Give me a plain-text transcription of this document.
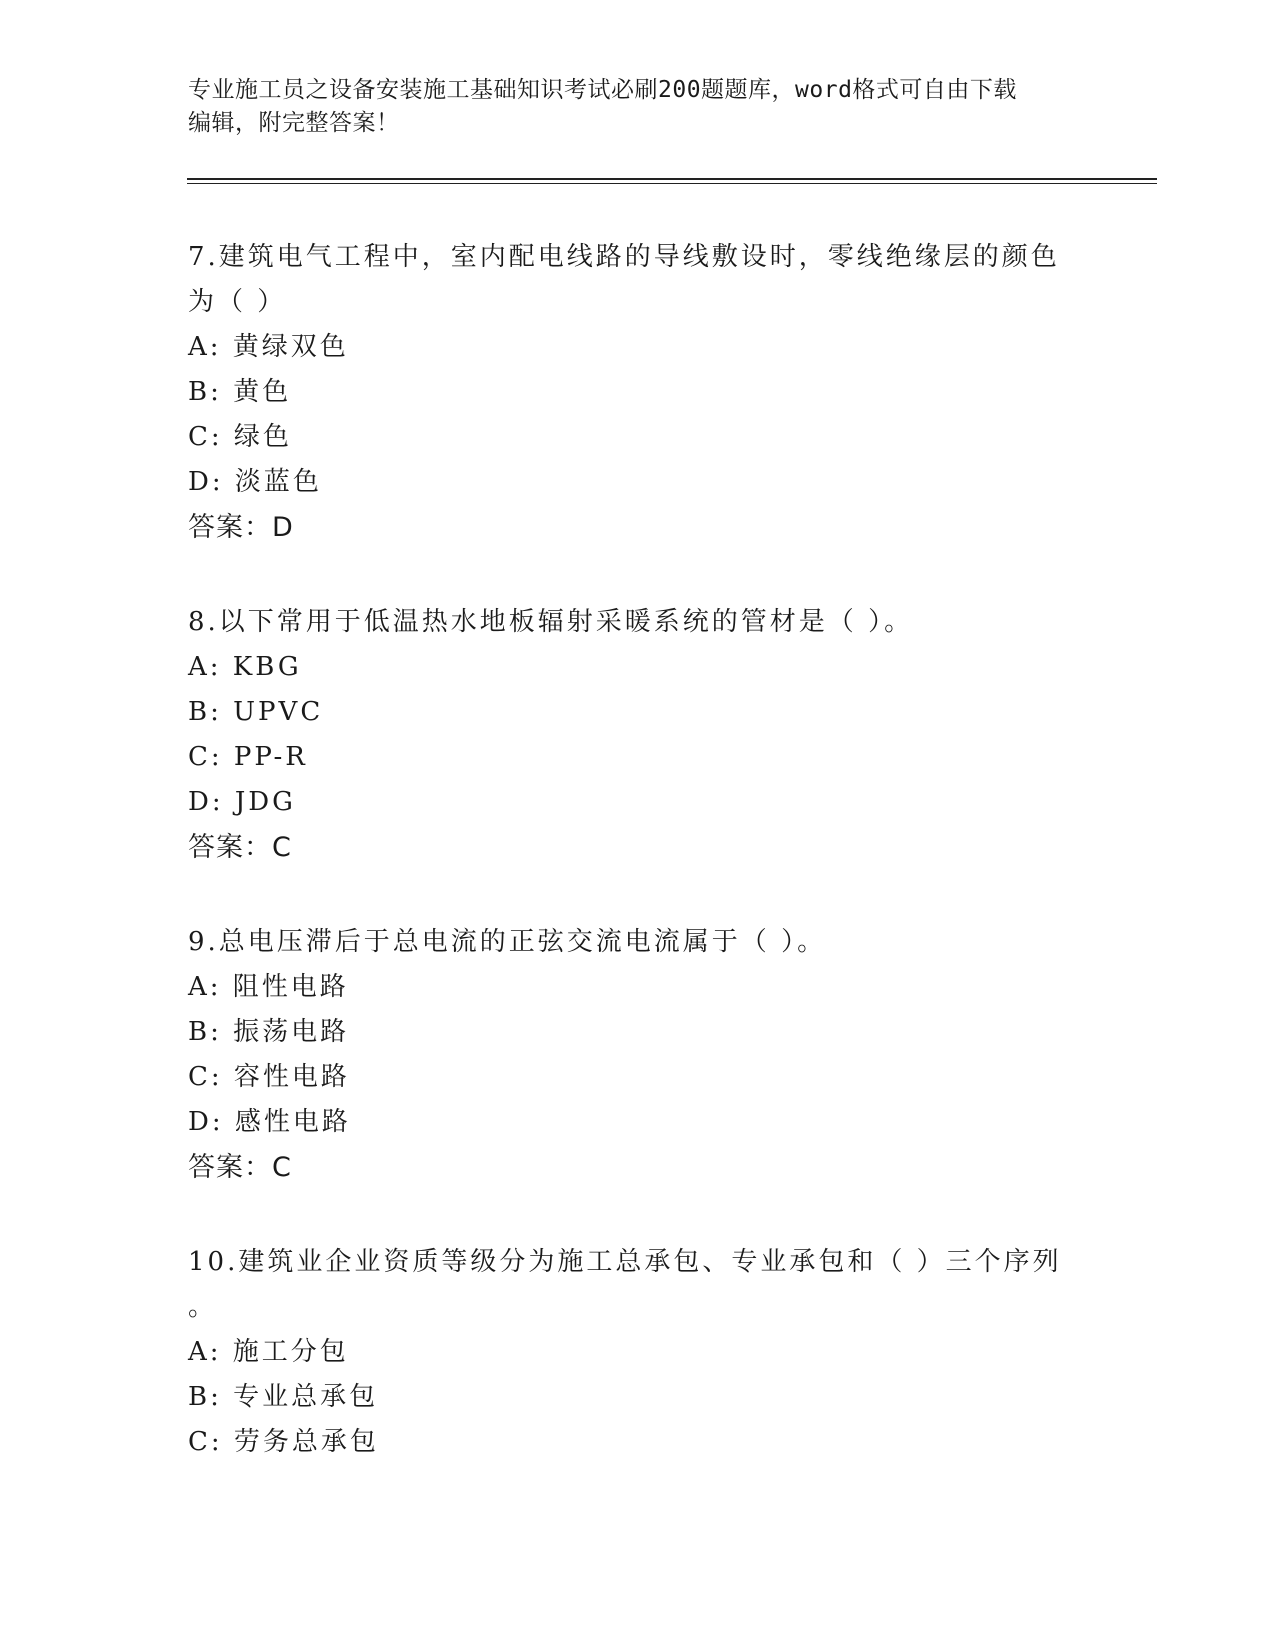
专业施工员之设备安装施工基础知识考试必刷200题题库，word格式可自由下载
编辑，附完整答案！
7.建筑电气工程中，室内配电线路的导线敷设时，零线绝缘层的颜色
为（ ）
A: 黄绿双色
B: 黄色
C: 绿色
D: 淡蓝色
答案：D
8.以下常用于低温热水地板辐射采暖系统的管材是（ ）。
A: KBG
B: UPVC
C: PP-R
D: JDG
答案：C
9.总电压滞后于总电流的正弦交流电流属于（ ）。
A: 阻性电路
B: 振荡电路
C: 容性电路
D: 感性电路
答案：C
10.建筑业企业资质等级分为施工总承包、专业承包和（ ）三个序列
。
A: 施工分包
B: 专业总承包
C: 劳务总承包
